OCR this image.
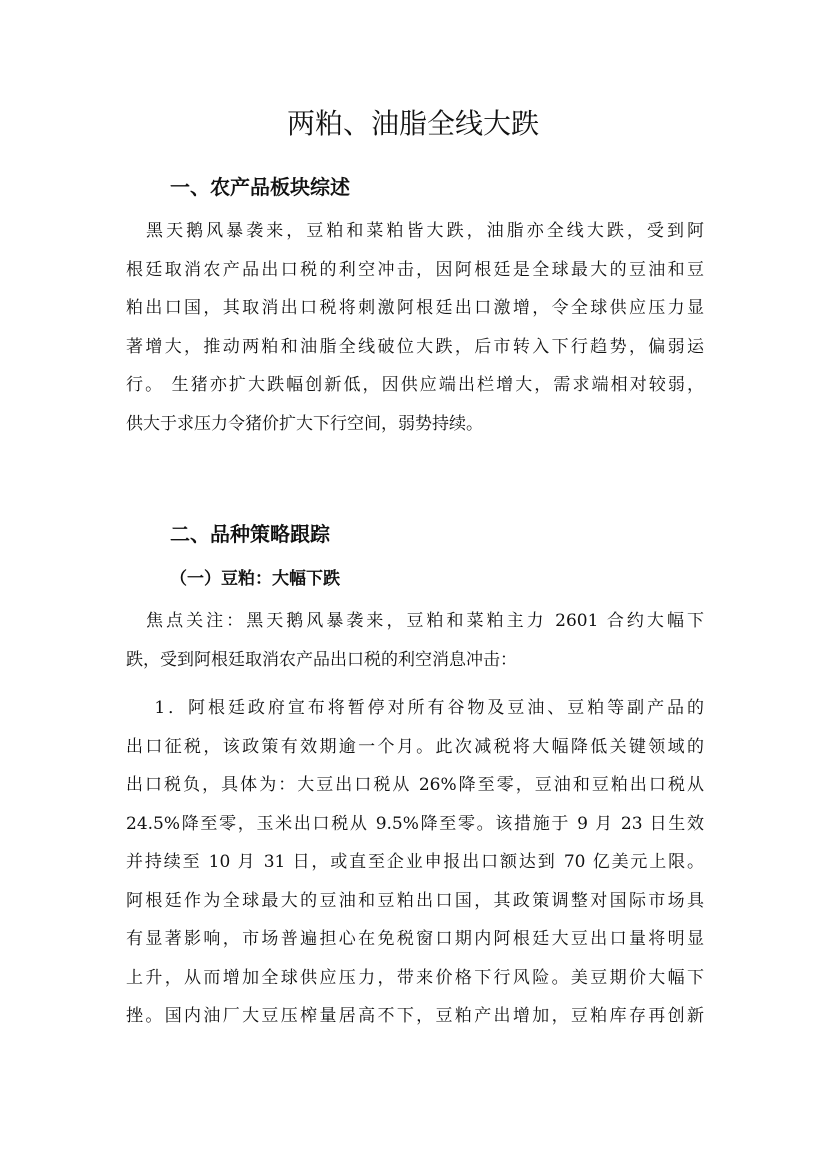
两粕、油脂全线大跌
一、农产品板块综述
　黑天鹅风暴袭来，豆粕和菜粕皆大跌，油脂亦全线大跌，受到阿
根廷取消农产品出口税的利空冲击，因阿根廷是全球最大的豆油和豆
粕出口国，其取消出口税将刺激阿根廷出口激增，令全球供应压力显
著增大，推动两粕和油脂全线破位大跌，后市转入下行趋势，偏弱运
行。 生猪亦扩大跌幅创新低，因供应端出栏增大，需求端相对较弱，
供大于求压力令猪价扩大下行空间，弱势持续。
二、品种策略跟踪
（一）豆粕：大幅下跌
　焦点关注：黑天鹅风暴袭来，豆粕和菜粕主力 2601 合约大幅下
跌，受到阿根廷取消农产品出口税的利空消息冲击：
　 1．阿根廷政府宣布将暂停对所有谷物及豆油、豆粕等副产品的
出口征税，该政策有效期逾一个月。此次减税将大幅降低关键领域的
出口税负，具体为：大豆出口税从 26%降至零，豆油和豆粕出口税从
24.5%降至零，玉米出口税从 9.5%降至零。该措施于 9 月 23 日生效
并持续至 10 月 31 日，或直至企业申报出口额达到 70 亿美元上限。
阿根廷作为全球最大的豆油和豆粕出口国，其政策调整对国际市场具
有显著影响，市场普遍担心在免税窗口期内阿根廷大豆出口量将明显
上升，从而增加全球供应压力，带来价格下行风险。美豆期价大幅下
挫。国内油厂大豆压榨量居高不下，豆粕产出增加，豆粕库存再创新
